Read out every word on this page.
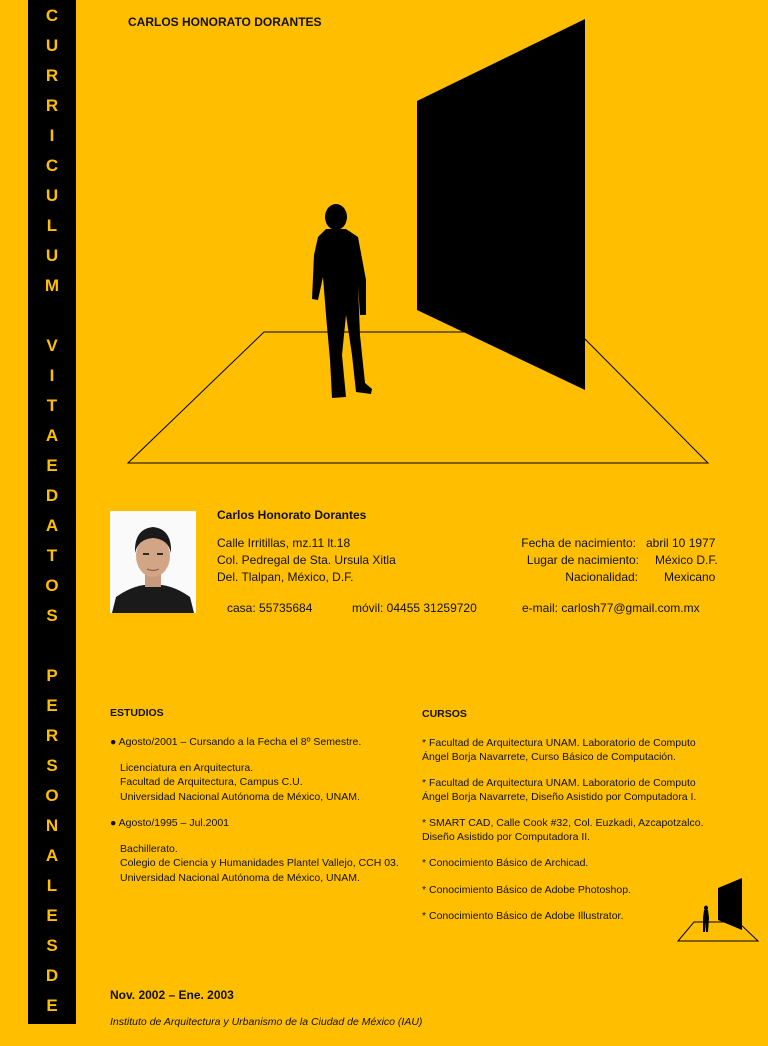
C
U
R
R
I
C
U
L
U
M
V
I
T
A
E
D
A
T
O
S
P
E
R
S
O
N
A
L
E
S
D
E
S
CARLOS HONORATO DORANTES
Carlos Honorato Dorantes
Calle Irritillas, mz.11 lt.18
Col. Pedregal de Sta. Ursula Xitla
Del. Tlalpan, México, D.F.
Fecha de nacimiento: abril 10 1977
Lugar de nacimiento: México D.F.
Nacionalidad: Mexicano
casa: 55735684	móvil: 04455 31259720	e-mail: carlosh77@gmail.com.mx
ESTUDIOS
● Agosto/2001 – Cursando a la Fecha el 8º Semestre.
Licenciatura en Arquitectura.
Facultad de Arquitectura, Campus C.U.
Universidad Nacional Autónoma de México, UNAM.
● Agosto/1995 – Jul.2001
Bachillerato.
Colegio de Ciencia y Humanidades Plantel Vallejo, CCH 03.
Universidad Nacional Autónoma de México, UNAM.
CURSOS
* Facultad de Arquitectura UNAM. Laboratorio de Computo
Ángel Borja Navarrete, Curso Básico de Computación.
* Facultad de Arquitectura UNAM. Laboratorio de Computo
Ángel Borja Navarrete, Diseño Asistido por Computadora I.
* SMART CAD, Calle Cook #32, Col. Euzkadi, Azcapotzalco.
Diseño Asistido por Computadora II.
* Conocimiento Básico de Archicad.
* Conocimiento Básico de Adobe Photoshop.
* Conocimiento Básico de Adobe Illustrator.
Nov. 2002 – Ene. 2003
Instituto de Arquitectura y Urbanismo de la Ciudad de México (IAU)
